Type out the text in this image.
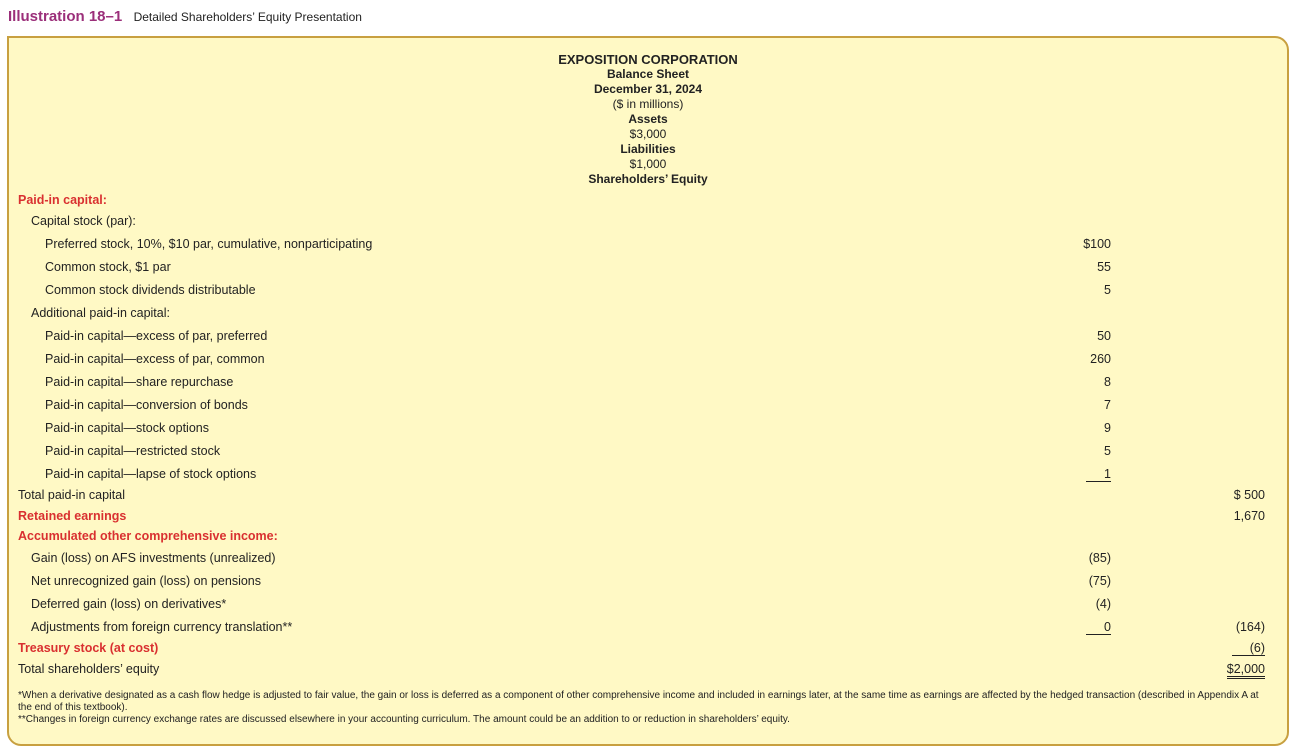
Illustration 18–1 Detailed Shareholders’ Equity Presentation
EXPOSITION CORPORATION
Balance Sheet
December 31, 2024
($ in millions)
Assets
$3,000
Liabilities
$1,000
Shareholders’ Equity
Paid-in capital:
Capital stock (par):
Preferred stock, 10%, $10 par, cumulative, nonparticipating	$100
Common stock, $1 par	55
Common stock dividends distributable	5
Additional paid-in capital:
Paid-in capital—excess of par, preferred	50
Paid-in capital—excess of par, common	260
Paid-in capital—share repurchase	8
Paid-in capital—conversion of bonds	7
Paid-in capital—stock options	9
Paid-in capital—restricted stock	5
Paid-in capital—lapse of stock options	1
Total paid-in capital	$ 500
Retained earnings	1,670
Accumulated other comprehensive income:
Gain (loss) on AFS investments (unrealized)	(85)
Net unrecognized gain (loss) on pensions	(75)
Deferred gain (loss) on derivatives*	(4)
Adjustments from foreign currency translation**	0	(164)
Treasury stock (at cost)	(6)
Total shareholders’ equity	$2,000
*When a derivative designated as a cash flow hedge is adjusted to fair value, the gain or loss is deferred as a component of other comprehensive income and included in earnings later, at the same time as earnings are affected by the hedged transaction (described in Appendix A at the end of this textbook).
**Changes in foreign currency exchange rates are discussed elsewhere in your accounting curriculum. The amount could be an addition to or reduction in shareholders’ equity.
